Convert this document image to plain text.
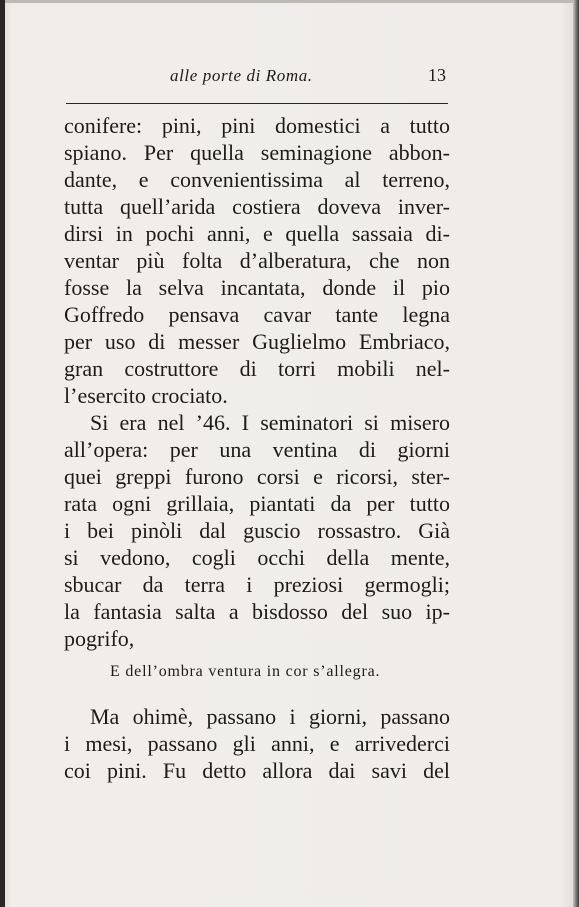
alle porte di Roma.	13
conifere: pini, pini domestici a tutto
spiano. Per quella seminagione abbon-
dante, e convenientissima al terreno,
tutta quell’arida costiera doveva inver-
dirsi in pochi anni, e quella sassaia di-
ventar più folta d’alberatura, che non
fosse la selva incantata, donde il pio
Goffredo pensava cavar tante legna
per uso di messer Guglielmo Embriaco,
gran costruttore di torri mobili nel-
l’esercito crociato.
Si era nel ’46. I seminatori si misero
all’opera: per una ventina di giorni
quei greppi furono corsi e ricorsi, ster-
rata ogni grillaia, piantati da per tutto
i bei pinòli dal guscio rossastro. Già
si vedono, cogli occhi della mente,
sbucar da terra i preziosi germogli;
la fantasia salta a bisdosso del suo ip-
pogrifo,
E dell’ombra ventura in cor s’allegra.
Ma ohimè, passano i giorni, passano
i mesi, passano gli anni, e arrivederci
coi pini. Fu detto allora dai savi del
